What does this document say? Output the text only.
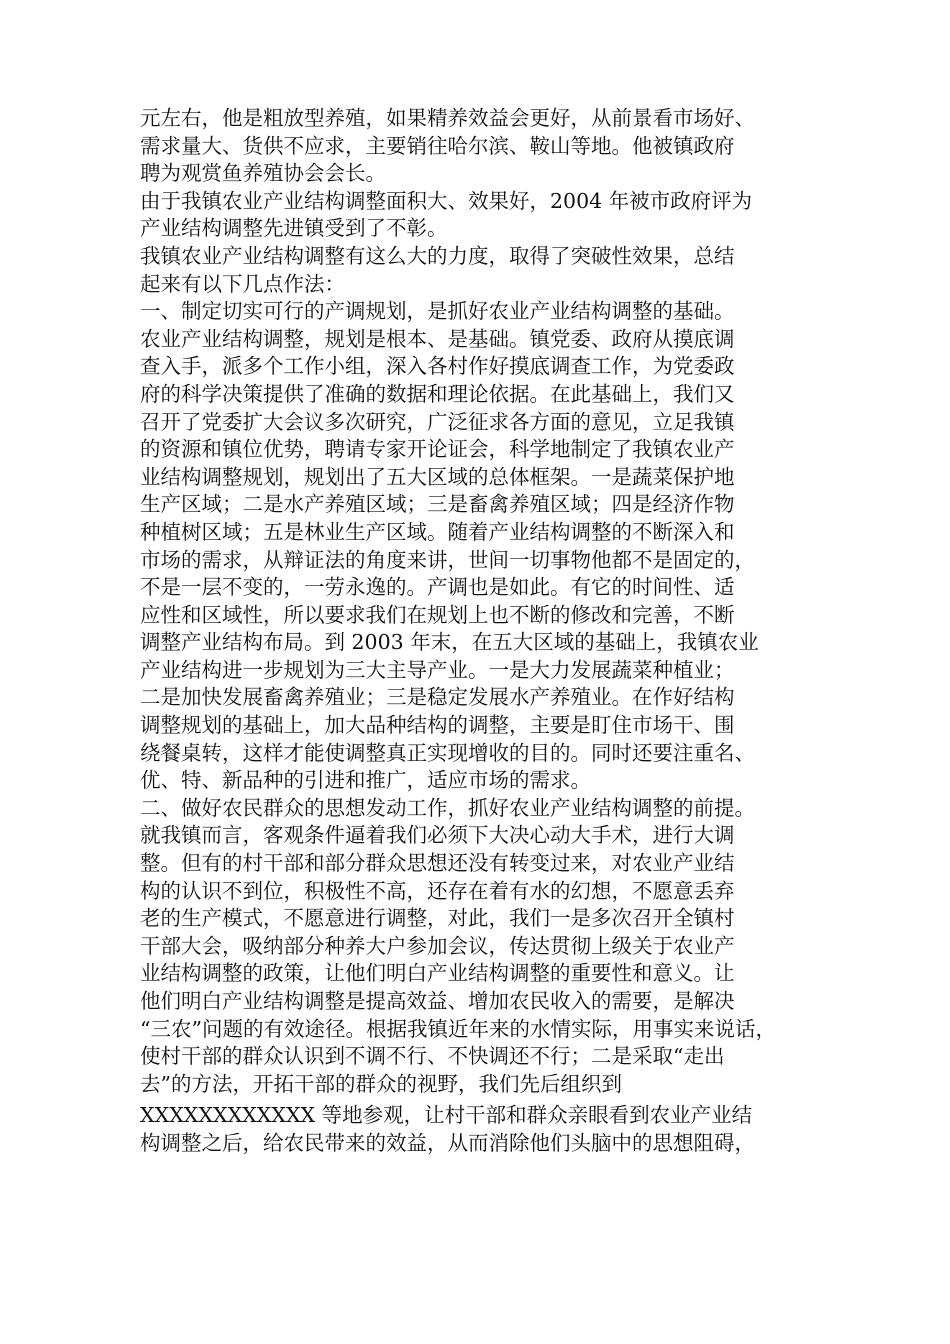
元左右，他是粗放型养殖，如果精养效益会更好，从前景看市场好、
需求量大、货供不应求，主要销往哈尔滨、鞍山等地。他被镇政府
聘为观赏鱼养殖协会会长。
由于我镇农业产业结构调整面积大、效果好，2004 年被市政府评为
产业结构调整先进镇受到了不彰。
我镇农业产业结构调整有这么大的力度，取得了突破性效果，总结
起来有以下几点作法：
一、制定切实可行的产调规划，是抓好农业产业结构调整的基础。
农业产业结构调整，规划是根本、是基础。镇党委、政府从摸底调
查入手，派多个工作小组，深入各村作好摸底调查工作，为党委政
府的科学决策提供了准确的数据和理论依据。在此基础上，我们又
召开了党委扩大会议多次研究，广泛征求各方面的意见，立足我镇
的资源和镇位优势，聘请专家开论证会，科学地制定了我镇农业产
业结构调整规划，规划出了五大区域的总体框架。一是蔬菜保护地
生产区域；二是水产养殖区域；三是畜禽养殖区域；四是经济作物
种植树区域；五是林业生产区域。随着产业结构调整的不断深入和
市场的需求，从辩证法的角度来讲，世间一切事物他都不是固定的，
不是一层不变的，一劳永逸的。产调也是如此。有它的时间性、适
应性和区域性，所以要求我们在规划上也不断的修改和完善，不断
调整产业结构布局。到 2003 年末，在五大区域的基础上，我镇农业
产业结构进一步规划为三大主导产业。一是大力发展蔬菜种植业；
二是加快发展畜禽养殖业；三是稳定发展水产养殖业。在作好结构
调整规划的基础上，加大品种结构的调整，主要是盯住市场干、围
绕餐桌转，这样才能使调整真正实现增收的目的。同时还要注重名、
优、特、新品种的引进和推广，适应市场的需求。
二、做好农民群众的思想发动工作，抓好农业产业结构调整的前提。
就我镇而言，客观条件逼着我们必须下大决心动大手术，进行大调
整。但有的村干部和部分群众思想还没有转变过来，对农业产业结
构的认识不到位，积极性不高，还存在着有水的幻想，不愿意丢弃
老的生产模式，不愿意进行调整，对此，我们一是多次召开全镇村
干部大会，吸纳部分种养大户参加会议，传达贯彻上级关于农业产
业结构调整的政策，让他们明白产业结构调整的重要性和意义。让
他们明白产业结构调整是提高效益、增加农民收入的需要，是解决
“三农”问题的有效途径。根据我镇近年来的水情实际，用事实来说话，
使村干部的群众认识到不调不行、不快调还不行；二是采取“走出
去”的方法，开拓干部的群众的视野，我们先后组织到
XXXXXXXXXXXX 等地参观，让村干部和群众亲眼看到农业产业结
构调整之后，给农民带来的效益，从而消除他们头脑中的思想阻碍，
